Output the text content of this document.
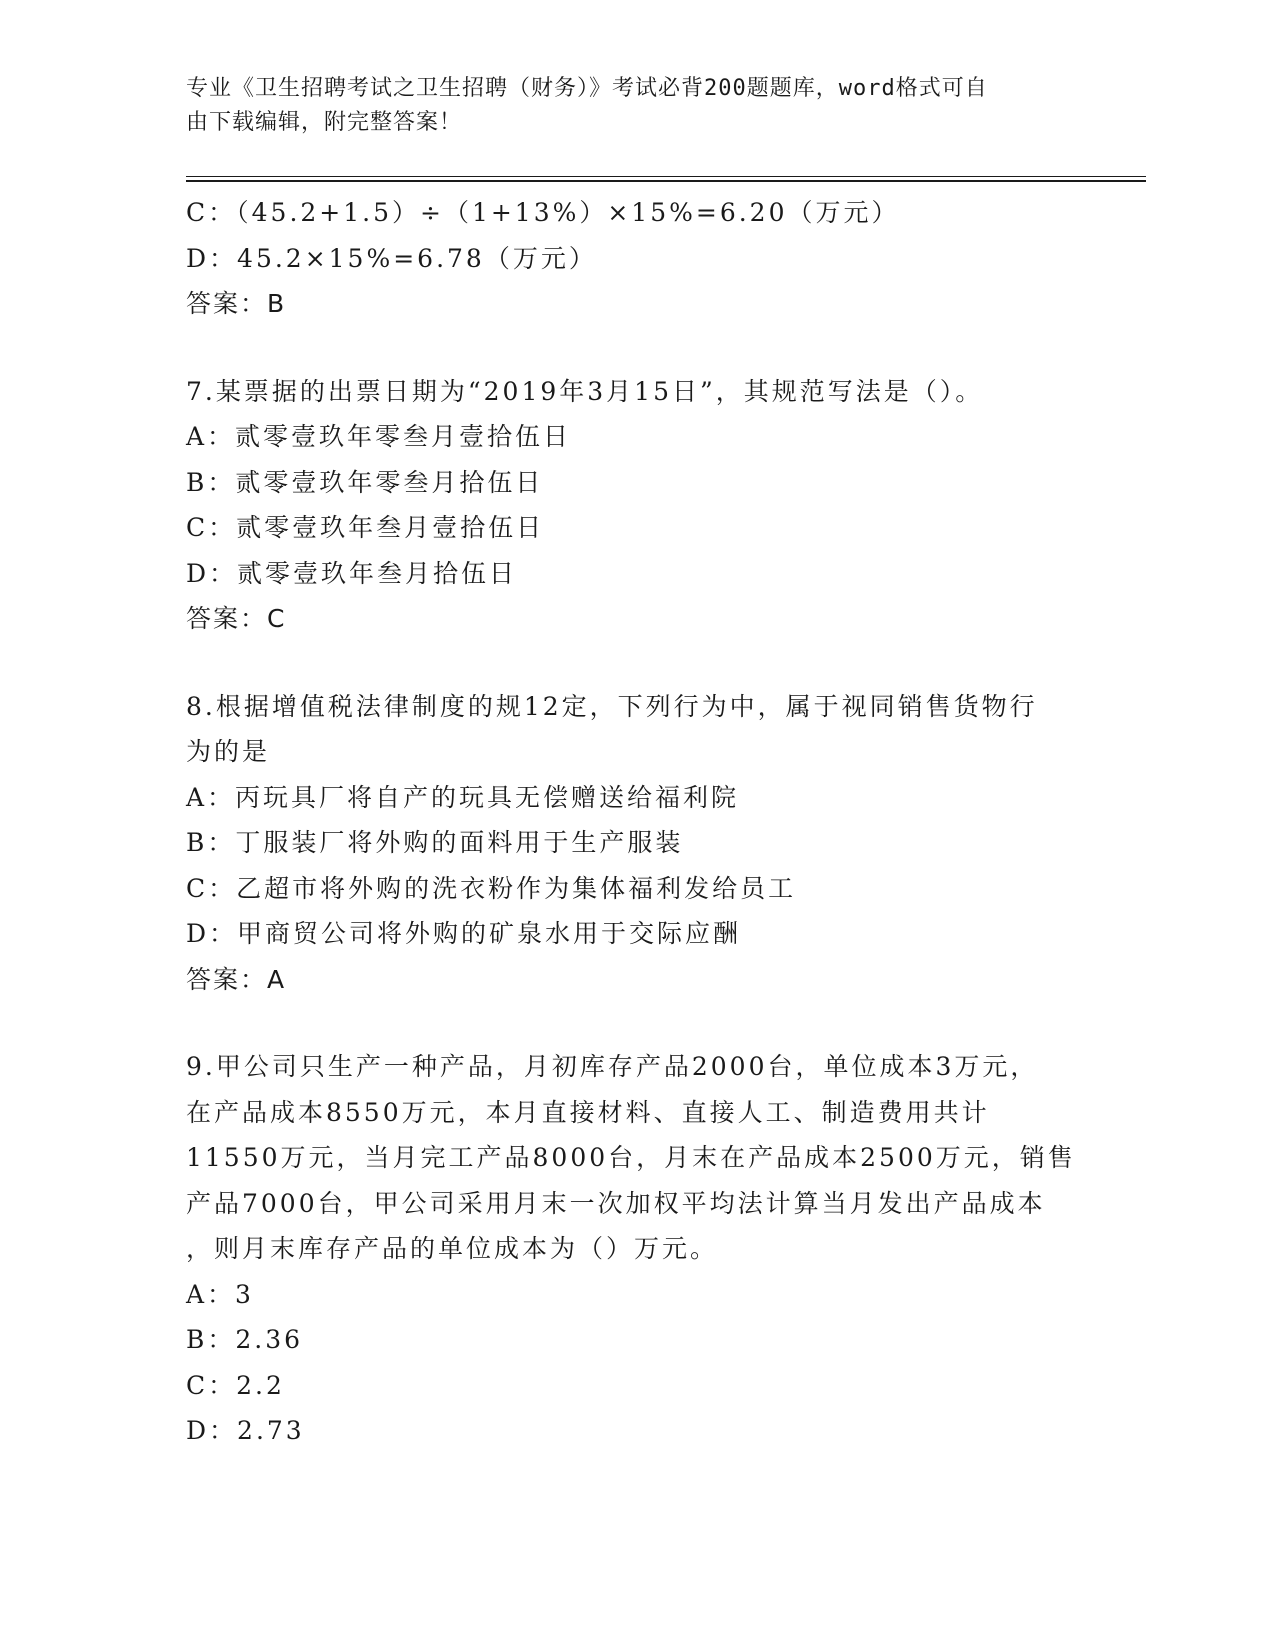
专业《卫生招聘考试之卫生招聘（财务）》考试必背200题题库，word格式可自
由下载编辑，附完整答案！
C：（45.2+1.5）÷（1+13%）×15%=6.20（万元）
D：45.2×15%=6.78（万元）
答案：B
7.某票据的出票日期为“2019年3月15日”，其规范写法是（）。
A：贰零壹玖年零叁月壹拾伍日
B：贰零壹玖年零叁月拾伍日
C：贰零壹玖年叁月壹拾伍日
D：贰零壹玖年叁月拾伍日
答案：C
8.根据增值税法律制度的规12定，下列行为中，属于视同销售货物行
为的是
A：丙玩具厂将自产的玩具无偿赠送给福利院
B：丁服装厂将外购的面料用于生产服装
C：乙超市将外购的洗衣粉作为集体福利发给员工
D：甲商贸公司将外购的矿泉水用于交际应酬
答案：A
9.甲公司只生产一种产品，月初库存产品2000台，单位成本3万元，
在产品成本8550万元，本月直接材料、直接人工、制造费用共计
11550万元，当月完工产品8000台，月末在产品成本2500万元，销售
产品7000台，甲公司采用月末一次加权平均法计算当月发出产品成本
，则月末库存产品的单位成本为（）万元。
A：3
B：2.36
C：2.2
D：2.73
